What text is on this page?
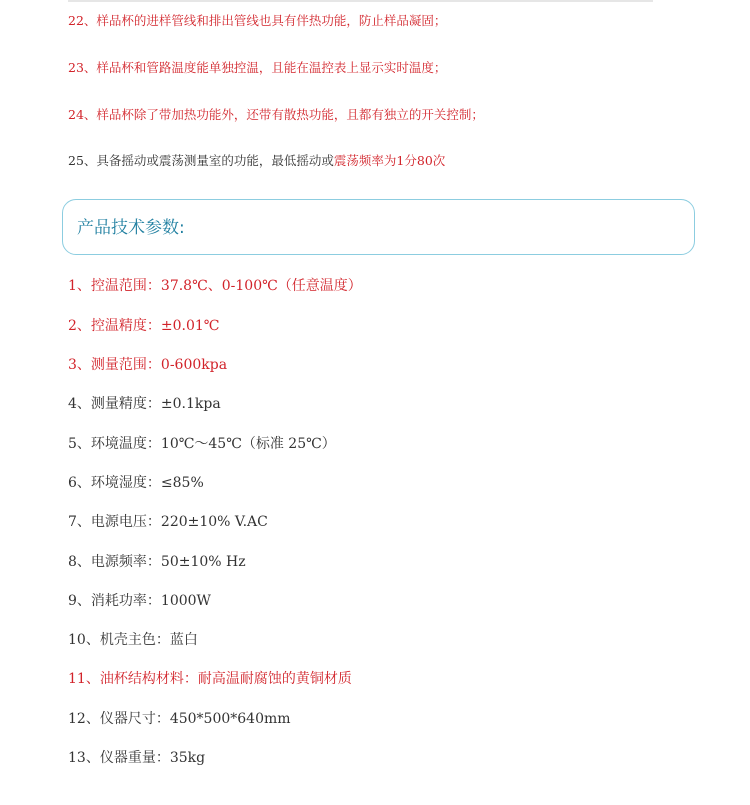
22、样品杯的进样管线和排出管线也具有伴热功能，防止样品凝固；
23、样品杯和管路温度能单独控温，且能在温控表上显示实时温度；
24、样品杯除了带加热功能外，还带有散热功能，且都有独立的开关控制；
25、具备摇动或震荡测量室的功能，最低摇动或震荡频率为1分80次
产品技术参数:
1、控温范围：37.8℃、0-100℃（任意温度）
2、控温精度：±0.01℃
3、测量范围：0-600kpa
4、测量精度：±0.1kpa
5、环境温度：10℃～45℃（标准 25℃）
6、环境湿度：≤85%
7、电源电压：220±10% V.AC
8、电源频率：50±10% Hz
9、消耗功率：1000W
10、机壳主色：蓝白
11、油杯结构材料：耐高温耐腐蚀的黄铜材质
12、仪器尺寸：450*500*640mm
13、仪器重量：35kg
